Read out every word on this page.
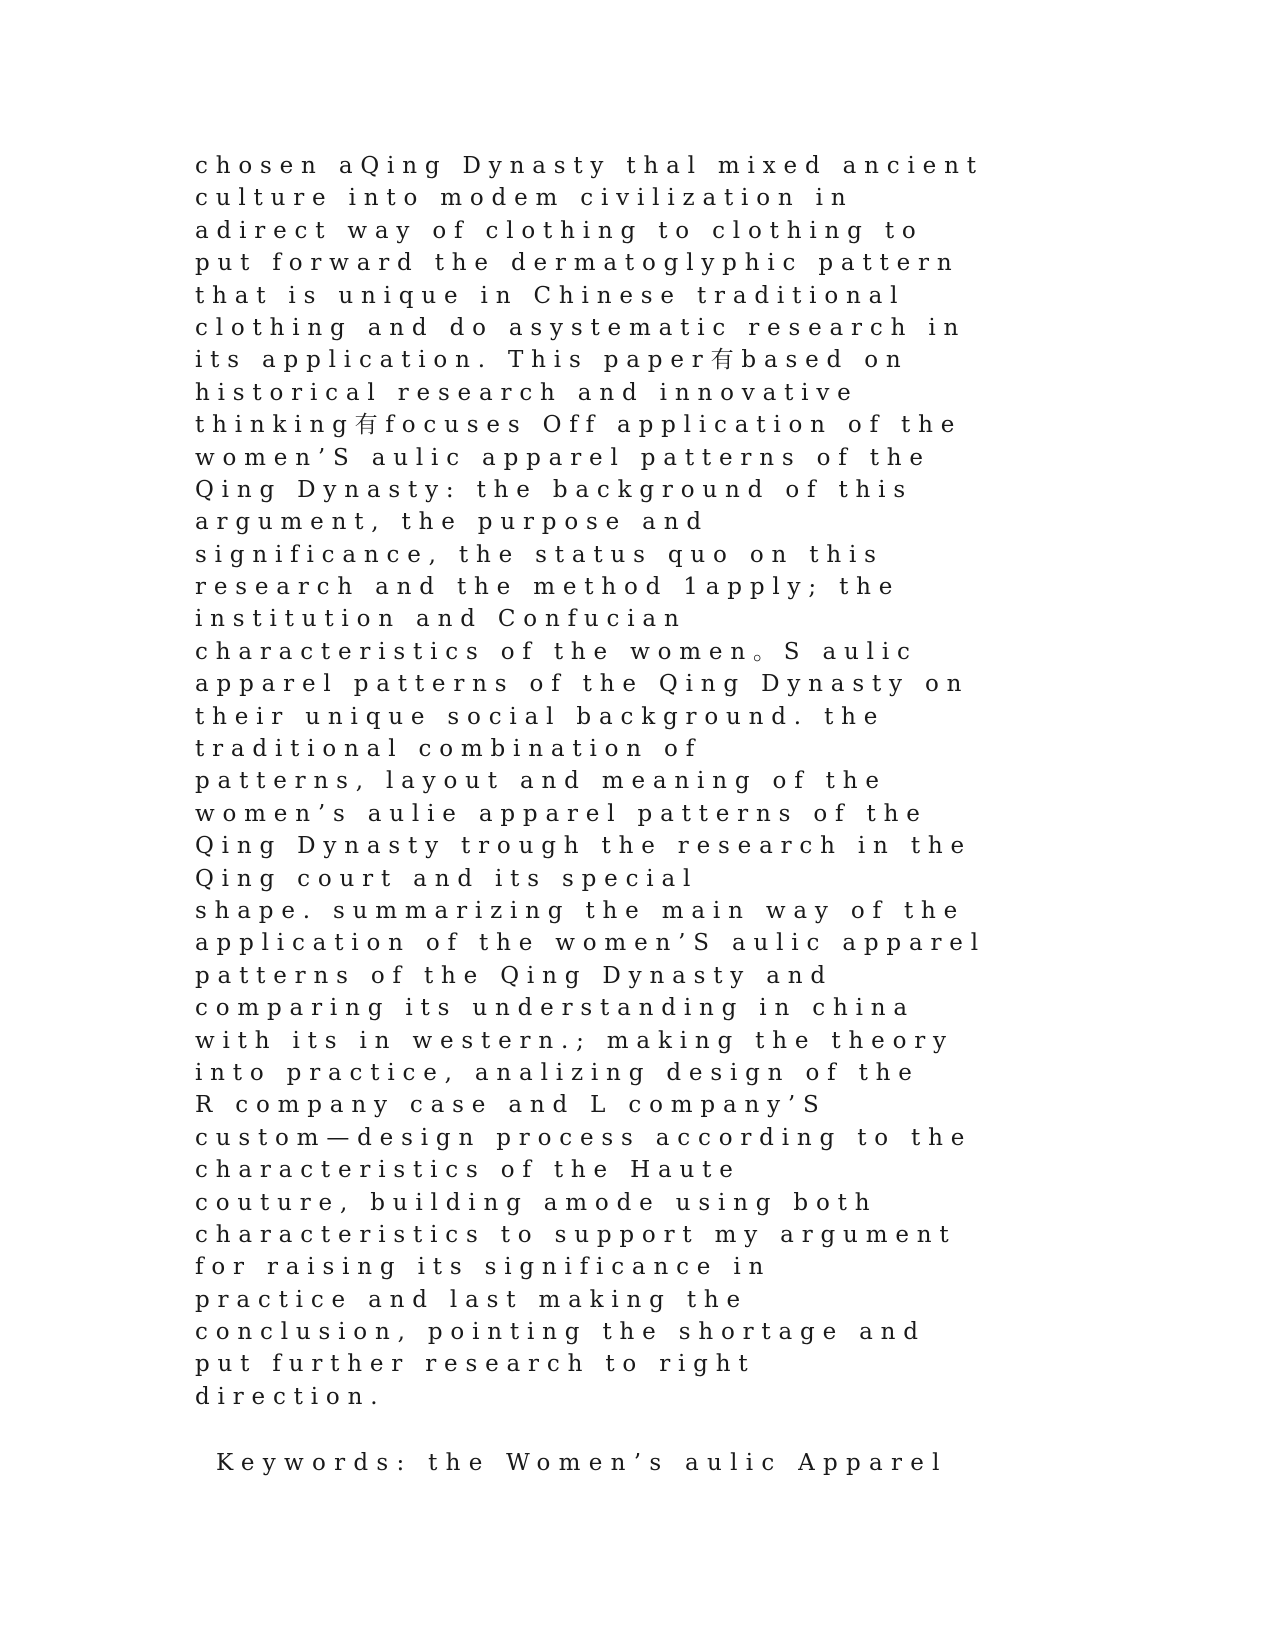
chosen aQing Dynasty thal mixed ancient
culture into modem civilization in
adirect way of clothing to clothing to
put forward the dermatoglyphic pattern
that is unique in Chinese traditional
clothing and do asystematic research in
its application. This paper有based on
historical research and innovative
thinking有focuses Off application of the
women’S aulic apparel patterns of the
Qing Dynasty: the background of this
argument, the purpose and
significance, the status quo on this
research and the method 1apply; the
institution and Confucian
characteristics of the women。S aulic
apparel patterns of the Qing Dynasty on
their unique social background. the
traditional combination of
patterns, layout and meaning of the
women’s aulie apparel patterns of the
Qing Dynasty trough the research in the
Qing court and its special
shape. summarizing the main way of the
application of the women’S aulic apparel
patterns of the Qing Dynasty and
comparing its understanding in china
with its in western.; making the theory
into practice, analizing design of the
R company case and L company’S
custom—design process according to the
characteristics of the Haute
couture, building amode using both
characteristics to support my argument
for raising its significance in
practice and last making the
conclusion, pointing the shortage and
put further research to right
direction.
Keywords: the Women’s aulic Apparel
